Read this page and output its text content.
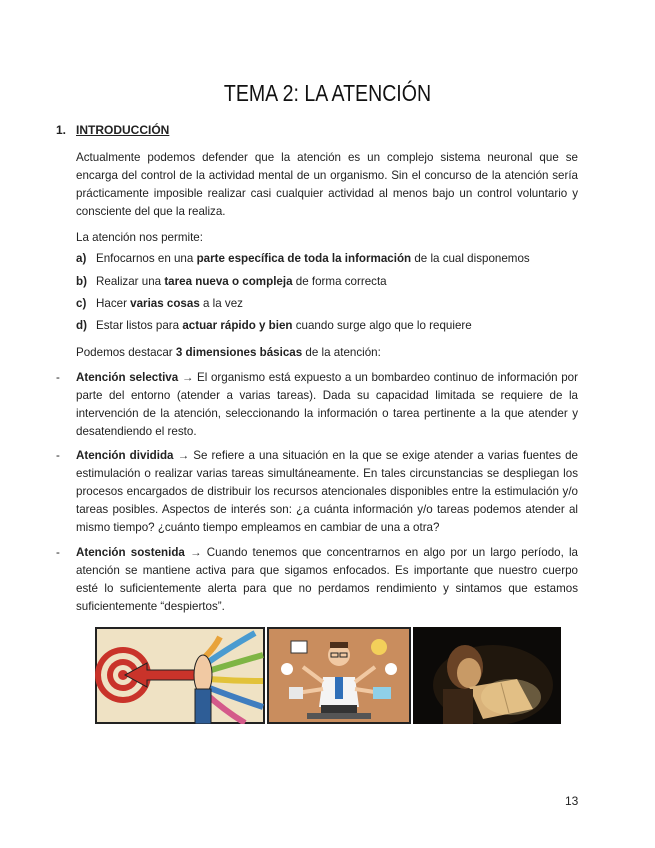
TEMA 2: LA ATENCIÓN
1. INTRODUCCIÓN
Actualmente podemos defender que la atención es un complejo sistema neuronal que se encarga del control de la actividad mental de un organismo. Sin el concurso de la atención sería prácticamente imposible realizar casi cualquier actividad al menos bajo un control voluntario y consciente del que la realiza.
La atención nos permite:
a) Enfocarnos en una parte específica de toda la información de la cual disponemos
b) Realizar una tarea nueva o compleja de forma correcta
c) Hacer varias cosas a la vez
d) Estar listos para actuar rápido y bien cuando surge algo que lo requiere
Podemos destacar 3 dimensiones básicas de la atención:
- Atención selectiva → El organismo está expuesto a un bombardeo continuo de información por parte del entorno (atender a varias tareas). Dada su capacidad limitada se requiere de la intervención de la atención, seleccionando la información o tarea pertinente a la que atender y desatendiendo el resto.
- Atención dividida → Se refiere a una situación en la que se exige atender a varias fuentes de estimulación o realizar varias tareas simultáneamente. En tales circunstancias se despliegan los procesos encargados de distribuir los recursos atencionales disponibles entre la estimulación y/o tareas posibles. Aspectos de interés son: ¿a cuánta información y/o tareas podemos atender al mismo tiempo? ¿cuánto tiempo empleamos en cambiar de una a otra?
- Atención sostenida → Cuando tenemos que concentrarnos en algo por un largo período, la atención se mantiene activa para que sigamos enfocados. Es importante que nuestro cuerpo esté lo suficientemente alerta para que no perdamos rendimiento y sintamos que estamos suficientemente “despiertos”.
13
